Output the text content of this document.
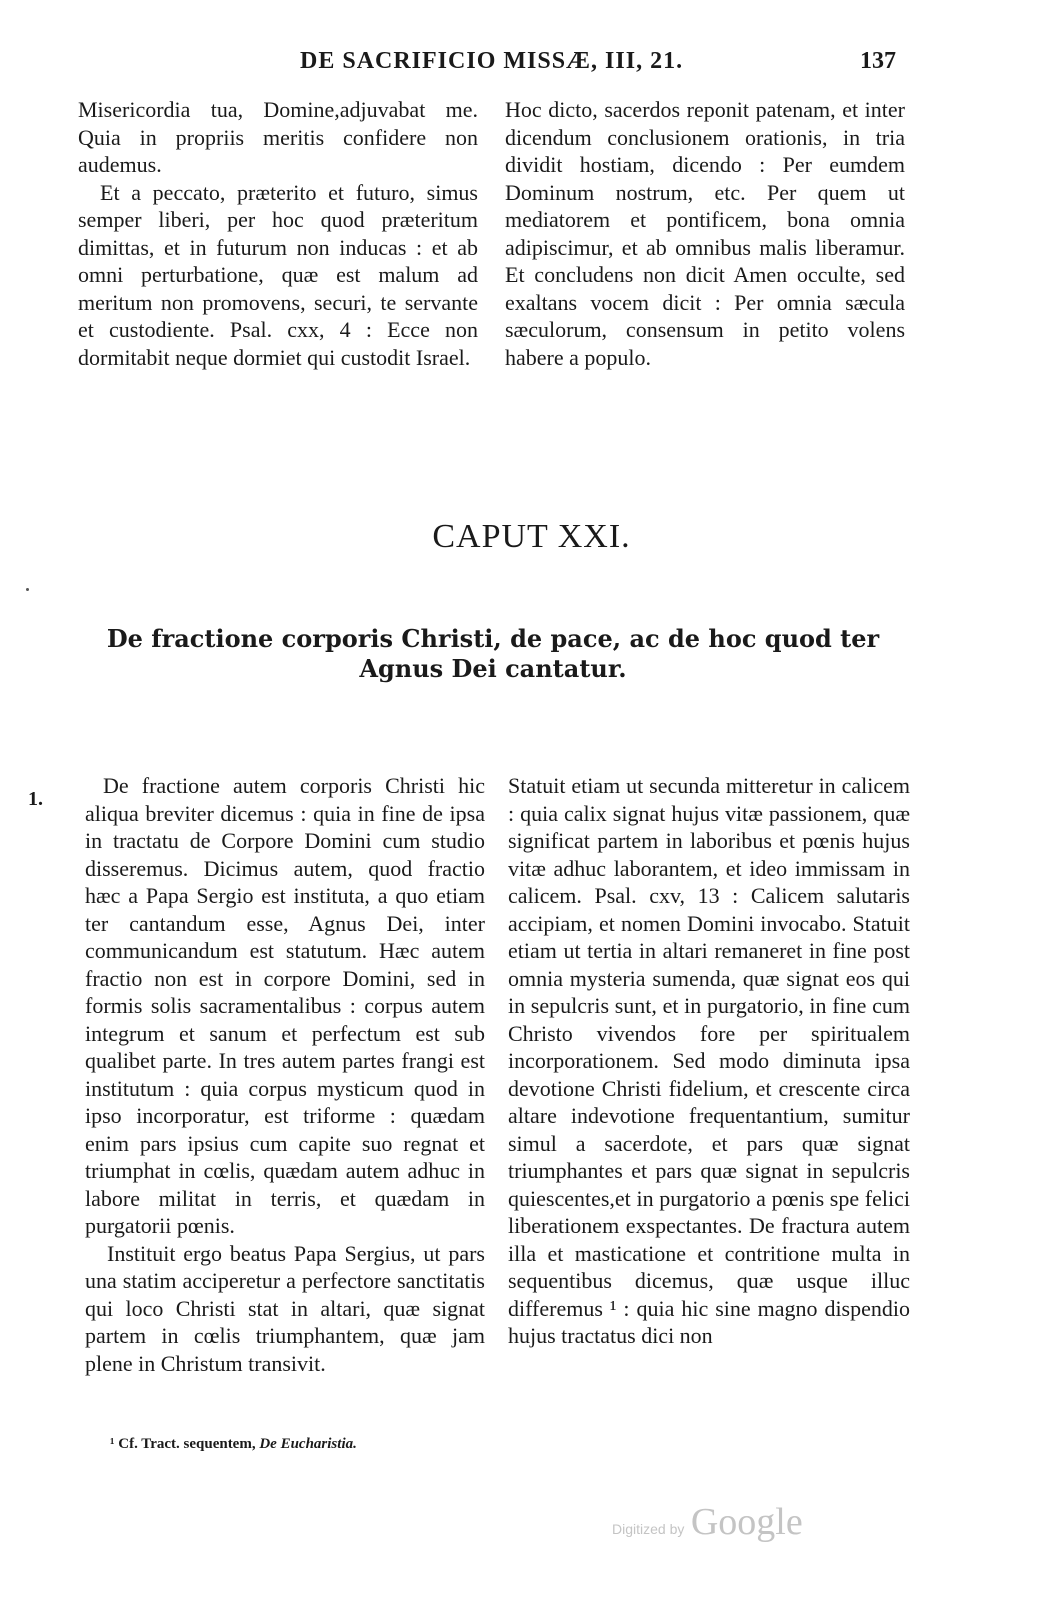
DE SACRIFICIO MISSÆ, III, 21.	137

Misericordia tua, Domine,adjuvabat me. Quia in propriis meritis confidere non audemus.

Et a peccato, præterito et futuro, simus semper liberi, per hoc quod præteritum dimittas, et in futurum non inducas : et ab omni perturbatione, quæ est malum ad meritum non promovens, securi, te servante et custodiente. Psal. cxx, 4 : Ecce non dormitabit neque dormiet qui custodit Israel.

Hoc dicto, sacerdos reponit patenam, et inter dicendum conclusionem orationis, in tria dividit hostiam, dicendo : Per eumdem Dominum nostrum, etc. Per quem ut mediatorem et pontificem, bona omnia adipiscimur, et ab omnibus malis liberamur. Et concludens non dicit Amen occulte, sed exaltans vocem dicit : Per omnia sæcula sæculorum, consensum in petito volens habere a populo.

CAPUT XXI.
De fractione corporis Christi, de pace, ac de hoc quod ter Agnus Dei cantatur.
1.

De fractione autem corporis Christi hic aliqua breviter dicemus : quia in fine de ipsa in tractatu de Corpore Domini cum studio disseremus. Dicimus autem, quod fractio hæc a Papa Sergio est instituta, a quo etiam ter cantandum esse, Agnus Dei, inter communicandum est statutum. Hæc autem fractio non est in corpore Domini, sed in formis solis sacramentalibus : corpus autem integrum et sanum et perfectum est sub qualibet parte. In tres autem partes frangi est institutum : quia corpus mysticum quod in ipso incorporatur, est triforme : quædam enim pars ipsius cum capite suo regnat et triumphat in cœlis, quædam autem adhuc in labore militat in terris, et quædam in purgatorii pœnis.

Instituit ergo beatus Papa Sergius, ut pars una statim acciperetur a perfectore sanctitatis qui loco Christi stat in altari, quæ signat partem in cœlis triumphantem, quæ jam plene in Christum transivit.

Statuit etiam ut secunda mitteretur in calicem : quia calix signat hujus vitæ passionem, quæ significat partem in laboribus et pœnis hujus vitæ adhuc laborantem, et ideo immissam in calicem. Psal. cxv, 13 : Calicem salutaris accipiam, et nomen Domini invocabo. Statuit etiam ut tertia in altari remaneret in fine post omnia mysteria sumenda, quæ signat eos qui in sepulcris sunt, et in purgatorio, in fine cum Christo vivendos fore per spiritualem incorporationem. Sed modo diminuta ipsa devotione Christi fidelium, et crescente circa altare indevotione frequentantium, sumitur simul a sacerdote, et pars quæ signat triumphantes et pars quæ signat in sepulcris quiescentes,et in purgatorio a pœnis spe felici liberationem exspectantes. De fractura autem illa et masticatione et contritione multa in sequentibus dicemus, quæ usque illuc differemus ¹ : quia hic sine magno dispendio hujus tractatus dici non

¹ Cf. Tract. sequentem, De Eucharistia.
Digitized by Google
